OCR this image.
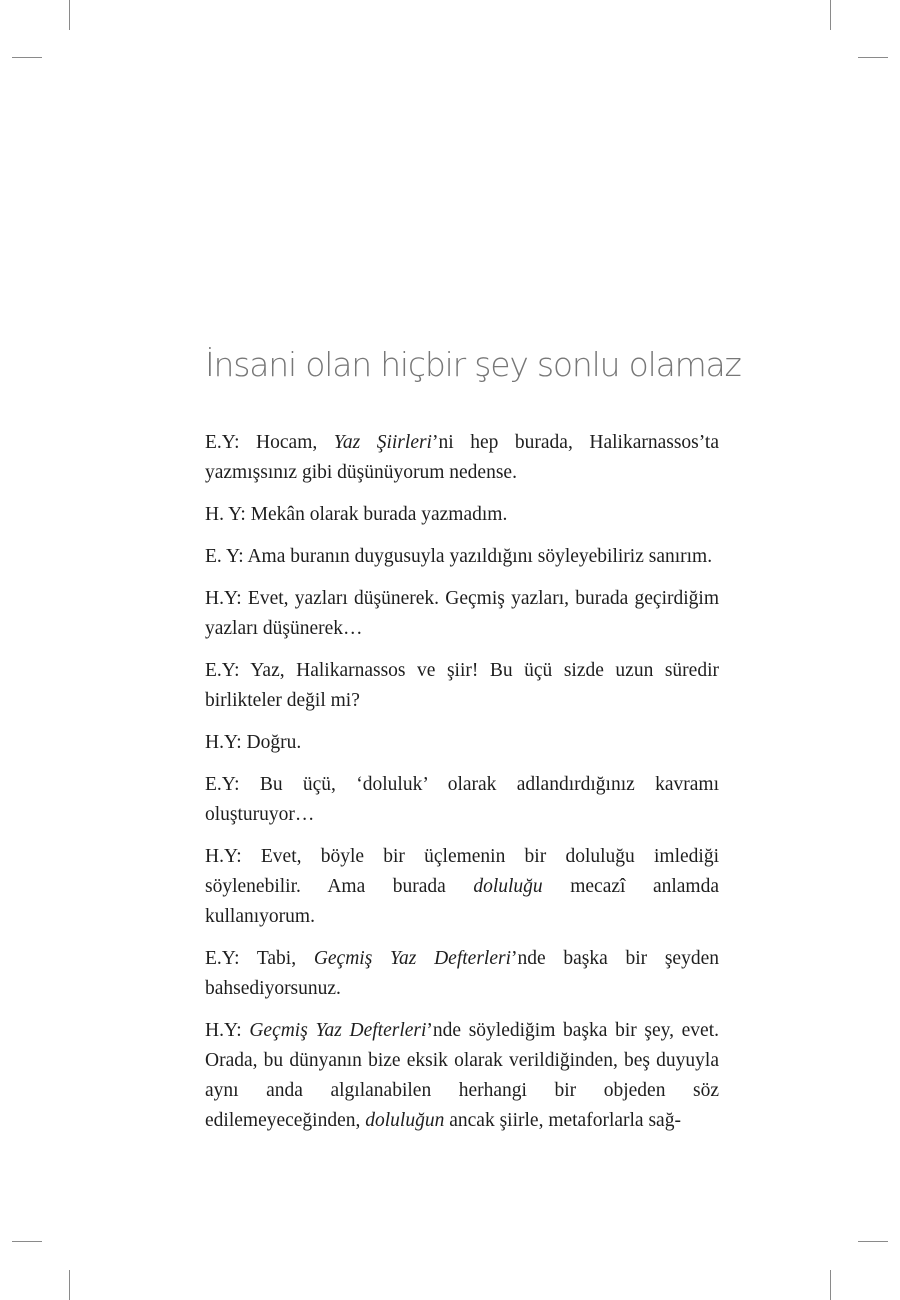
İnsani olan hiçbir şey sonlu olamaz

E.Y: Hocam, Yaz Şiirleri’ni hep burada, Halikarnassos’ta yazmışsınız gibi düşünüyorum nedense.

H. Y: Mekân olarak burada yazmadım.

E. Y: Ama buranın duygusuyla yazıldığını söyleyebiliriz sanırım.

H.Y: Evet, yazları düşünerek. Geçmiş yazları, burada geçirdiğim yazları düşünerek…

E.Y: Yaz, Halikarnassos ve şiir! Bu üçü sizde uzun süredir birlikteler değil mi?

H.Y: Doğru.

E.Y: Bu üçü, ‘doluluk’ olarak adlandırdığınız kavramı oluşturuyor…

H.Y: Evet, böyle bir üçlemenin bir doluluğu imlediği söylenebilir. Ama burada doluluğu mecazî anlamda kullanıyorum.

E.Y: Tabi, Geçmiş Yaz Defterleri’nde başka bir şeyden bahsediyorsunuz.

H.Y: Geçmiş Yaz Defterleri’nde söylediğim başka bir şey, evet. Orada, bu dünyanın bize eksik olarak verildiğinden, beş duyuyla aynı anda algılanabilen herhangi bir objeden söz edilemeyeceğinden, doluluğun ancak şiirle, metaforlarla sağ-
